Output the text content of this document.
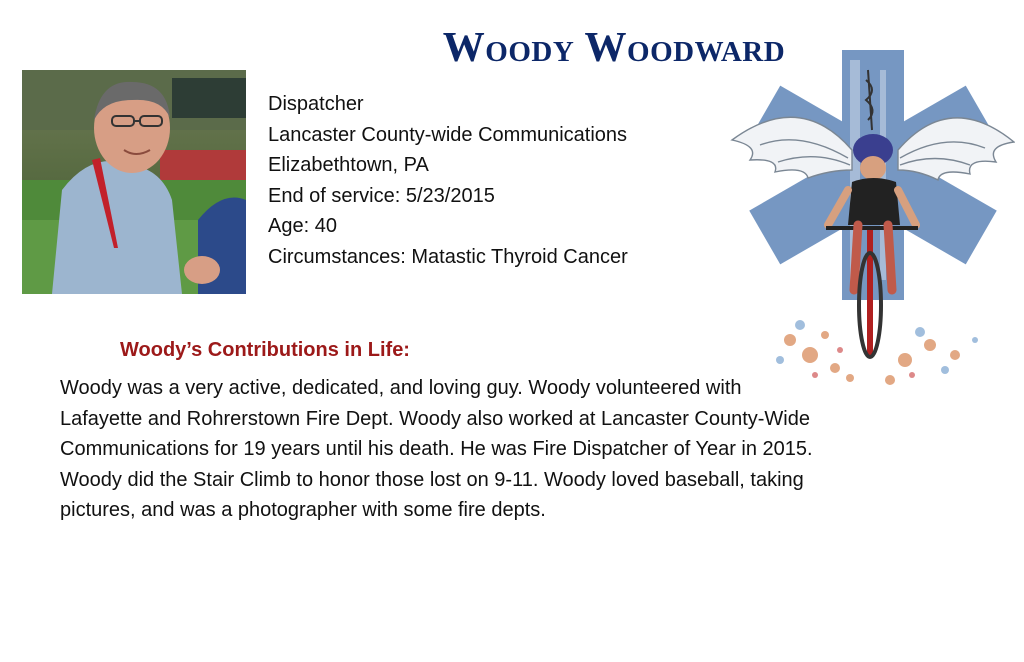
Woody Woodward
Dispatcher
Lancaster County-wide Communications
Elizabethtown, PA
End of service: 5/23/2015
Age: 40
Circumstances: Matastic Thyroid Cancer
Woody’s Contributions in Life:

Woody was a very active, dedicated, and loving guy. Woody volunteered with

Lafayette and Rohrerstown Fire Dept. Woody also worked at Lancaster County-Wide

Communications for 19 years until his death. He was Fire Dispatcher of Year in 2015.

Woody did the Stair Climb to honor those lost on 9-11. Woody loved baseball, taking

pictures, and was a photographer with some fire depts.
